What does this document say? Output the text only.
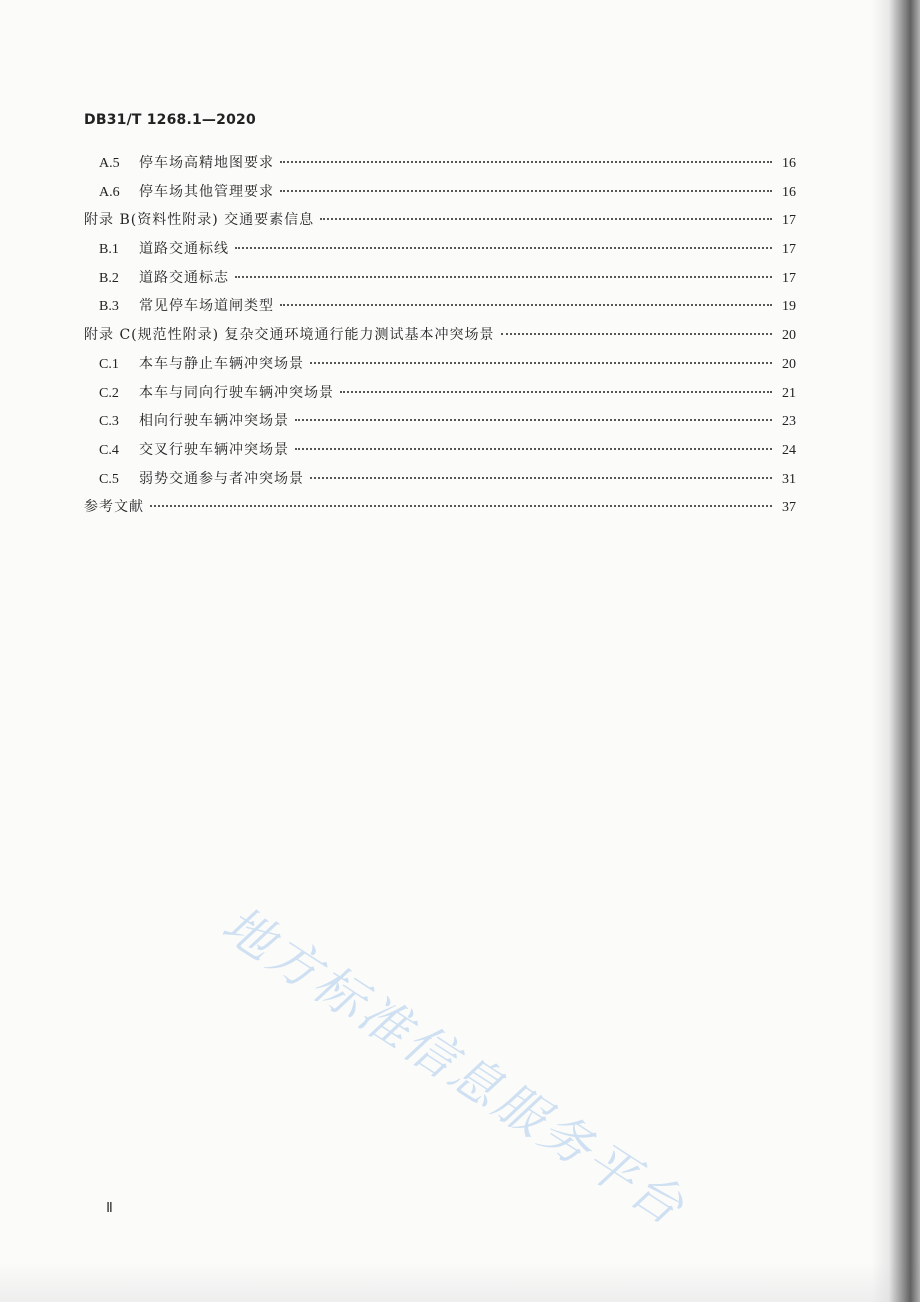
DB31/T 1268.1—2020
A.5	停车场高精地图要求	16
A.6	停车场其他管理要求	16
附录 B(资料性附录) 交通要素信息	17
B.1	道路交通标线	17
B.2	道路交通标志	17
B.3	常见停车场道闸类型	19
附录 C(规范性附录) 复杂交通环境通行能力测试基本冲突场景	20
C.1	本车与静止车辆冲突场景	20
C.2	本车与同向行驶车辆冲突场景	21
C.3	相向行驶车辆冲突场景	23
C.4	交叉行驶车辆冲突场景	24
C.5	弱势交通参与者冲突场景	31
参考文献	37
地方标准信息服务平台
Ⅱ
